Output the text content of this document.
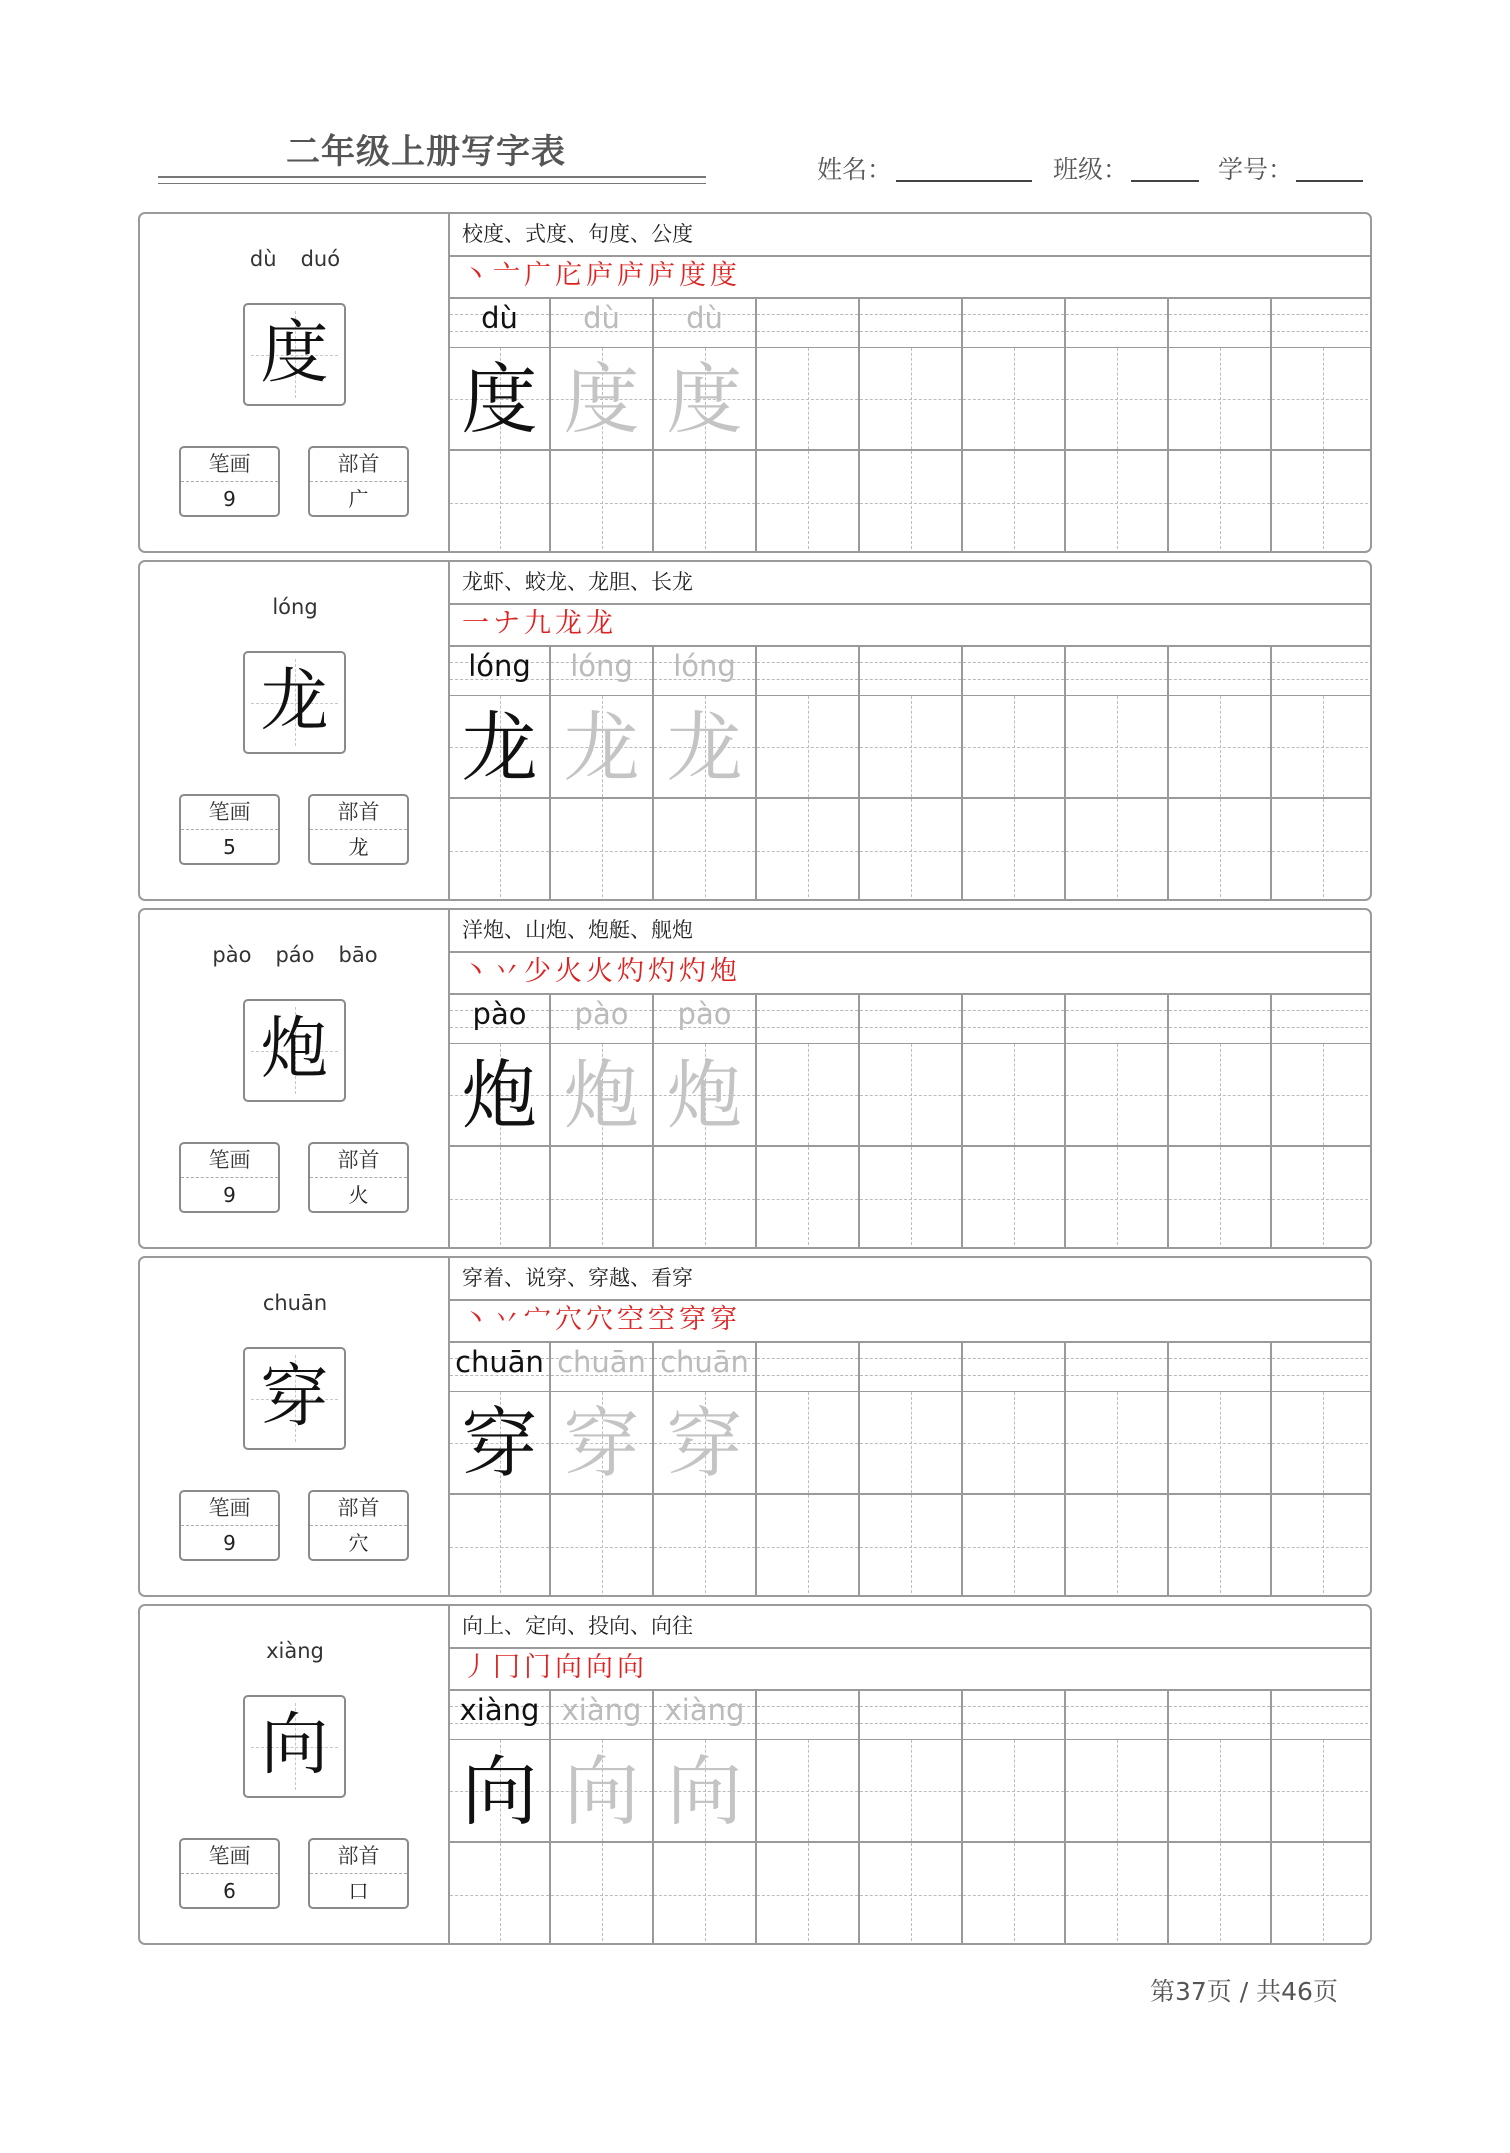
二年级上册写字表	姓名：	班级：	学号：
dù duó
度
笔画
9
部首
广
校度、式度、句度、公度
丶 亠 广 庀 庐 庐 庐 度 度
dù
度
dù
度
dù
度
lóng
龙
笔画
5
部首
龙
龙虾、蛟龙、龙胆、长龙
一 ナ 九 龙 龙
lóng
龙
lóng
龙
lóng
龙
pào páo bāo
炮
笔画
9
部首
火
洋炮、山炮、炮艇、舰炮
丶 丷 少 火 火 灼 灼 灼 炮
pào
炮
pào
炮
pào
炮
chuān
穿
笔画
9
部首
穴
穿着、说穿、穿越、看穿
丶 丷 宀 穴 穴 空 空 穿 穿
chuān
穿
chuān
穿
chuān
穿
xiàng
向
笔画
6
部首
口
向上、定向、投向、向往
丿 冂 门 向 向 向
xiàng
向
xiàng
向
xiàng
向
第37页 / 共46页
